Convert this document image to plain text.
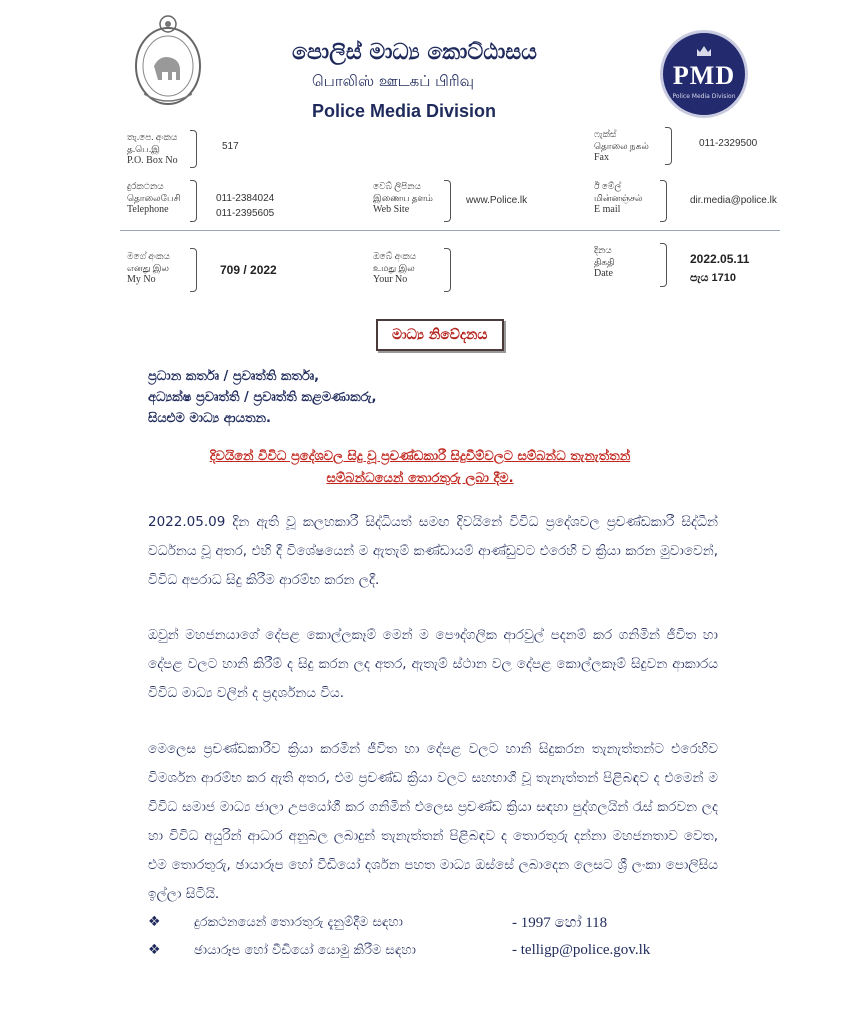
පොලිස් මාධ්‍ය කොට්ඨාසය
பொலிஸ் ஊடகப் பிரிவு
Police Media Division
PMD
Police Media Division
තැ.පෙ. අංකය
த.பெ.இ
P.O. Box No
517
ෆැක්ස්
தொலை நகல்
Fax
011-2329500
දුරකථනය
தொலைபேசி
Telephone
011-2384024
011-2395605
වෙබ් ලිපිනය
இணைய தளம்
Web Site
www.Police.lk
ඊ මේල්
மின்னஞ்சல்
E mail
dir.media@police.lk
මගේ අංකය
எனது இல
My No
709 / 2022
ඔබේ අංකය
உமது இல
Your No
දිනය
திகதி
Date
2022.05.11
පැය 1710
මාධ්‍ය නිවේදනය
ප්‍රධාන කර්තෘ / ප්‍රවෘත්ති කර්තෘ,
අධ්‍යක්ෂ ප්‍රවෘත්ති / ප්‍රවෘත්ති කළමණාකරු,
සියළුම මාධ්‍ය ආයතන.
දිවයිනේ විවිධ ප්‍රදේශවල සිදු වූ ප්‍රචණ්ඩකාරී සිදුවීම්වලට සම්බන්ධ තැනැත්තන්
සම්බන්ධයෙන් තොරතුරු ලබා දීම.
2022.05.09 දින ඇති වූ කලහකාරී සිද්ධියත් සමඟ දිවයිනේ විවිධ ප්‍රදේශවල ප්‍රචණ්ඩකාරී සිද්ධීන් වර්ධනය වූ අතර, එහි දී විශේෂයෙන් ම ඇතැම් කණ්ඩායම් ආණ්ඩුවට එරෙහි ව ක්‍රියා කරන මුවාවෙන්, විවිධ අපරාධ සිදු කිරීම ආරම්භ කරන ලදී.
ඔවුන් මහජනයාගේ දේපළ කොල්ලකෑම් මෙන් ම පෞද්ගලික ආරවුල් පදනම් කර ගනිමින් ජීවිත හා දේපළ වලට හානි කිරීම් ද සිදු කරන ලද අතර, ඇතැම් ස්ථාන වල දේපළ කොල්ලකෑම් සිදුවන ආකාරය විවිධ මාධ්‍ය වලින් ද ප්‍රදර්ශනය විය.
මෙලෙස ප්‍රචණ්ඩකාරීව ක්‍රියා කරමින් ජීවිත හා දේපළ වලට හානි සිදුකරන තැනැත්තන්ට එරෙහිව විමර්ශන ආරම්භ කර ඇති අතර, එම ප්‍රචණ්ඩ ක්‍රියා වලට සහභාගී වූ තැනැත්තන් පිළිබඳව ද එමෙන් ම විවිධ සමාජ මාධ්‍ය ජාලා උපයෝගී කර ගනිමින් එලෙස ප්‍රචණ්ඩ ක්‍රියා සඳහා පුද්ගලයින් රැස් කරවන ලද හා විවිධ අයුරින් ආධාර අනුබල ලබාදුන් තැනැත්තන් පිළිබඳව ද තොරතුරු දන්නා මහජනතාව වෙත, එම තොරතුරු, ඡායාරූප හෝ වීඩියෝ දර්ශන පහත මාධ්‍ය ඔස්සේ ලබාදෙන ලෙසට ශ්‍රී ලංකා පොලිසිය ඉල්ලා සිටියි.
❖	දුරකථනයෙන් තොරතුරු දැනුම්දීම සඳහා	- 1997 හෝ 118
❖	ඡායාරූප හෝ වීඩියෝ යොමු කිරීම සඳහා	- telligp@police.gov.lk
